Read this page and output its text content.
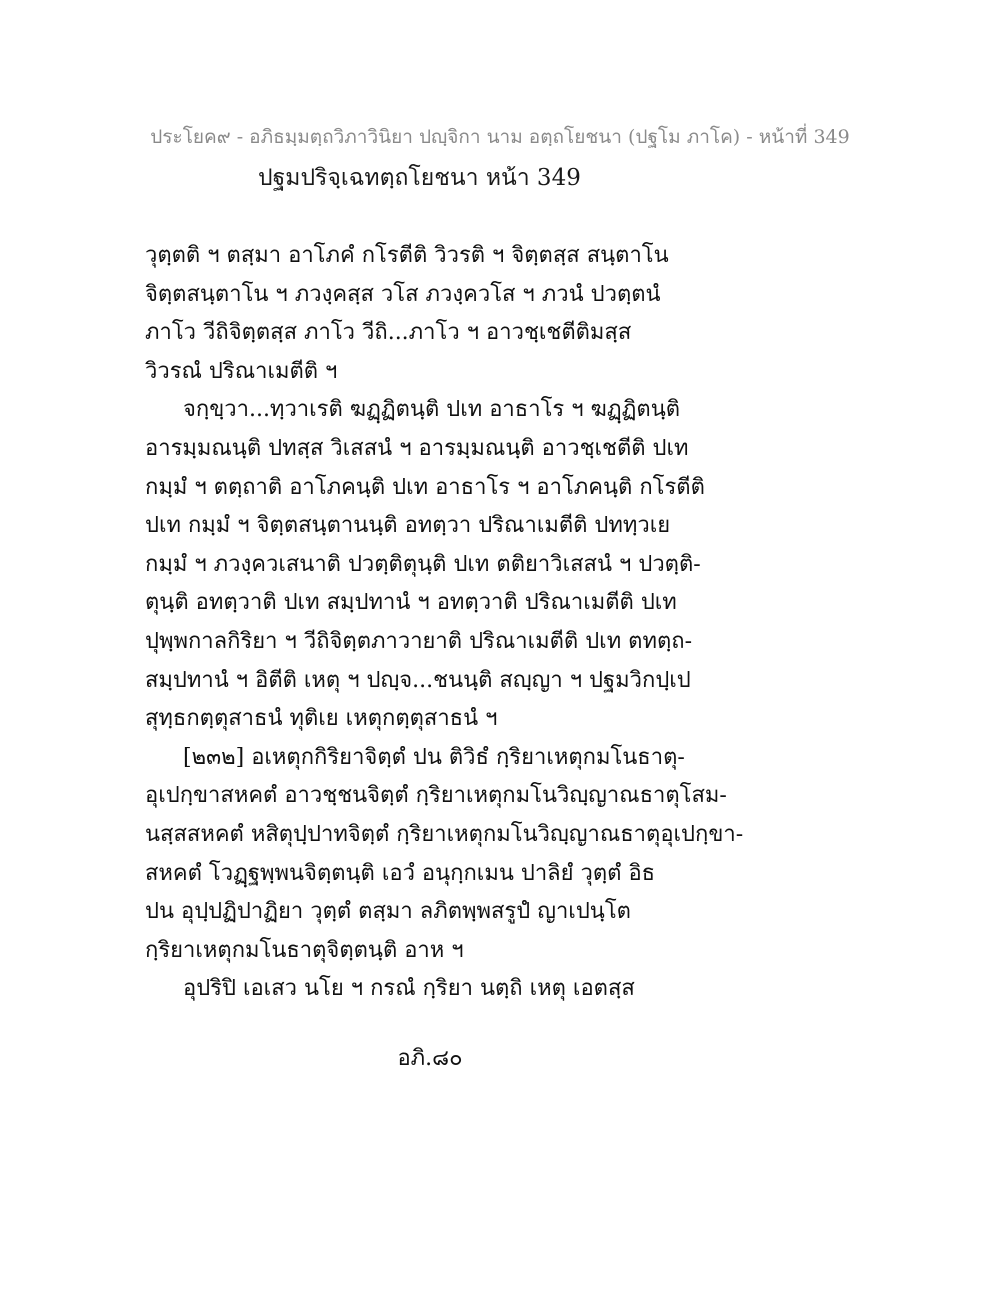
ประโยค๙ - อภิธมฺมตฺถวิภาวินิยา ปญฺจิกา นาม อตฺถโยชนา (ปฐโม ภาโค) - หน้าที่ 349
ปฐมปริจฺเฉทตฺถโยชนา หน้า 349
วุตฺตติ ฯ ตสฺมา อาโภคํ กโรตีติ วิวรติ ฯ จิตฺตสฺส สนฺตาโน
จิตฺตสนฺตาโน ฯ ภวงฺคสฺส วโส ภวงฺควโส ฯ ภวนํ ปวตฺตนํ
ภาโว วีถิจิตฺตสฺส ภาโว วีถิ...ภาโว ฯ อาวชฺเชตีติมสฺส
วิวรณํ ปริณาเมตีติ ฯ
จกฺขฺวา...ทฺวาเรติ ฆฏฺฏิตนฺติ ปเท อาธาโร ฯ ฆฏฺฏิตนฺติ
อารมฺมณนฺติ ปทสฺส วิเสสนํ ฯ อารมฺมณนฺติ อาวชฺเชตีติ ปเท
กมฺมํ ฯ ตตฺถาติ อาโภคนฺติ ปเท อาธาโร ฯ อาโภคนฺติ กโรตีติ
ปเท กมฺมํ ฯ จิตฺตสนฺตานนฺติ อทตฺวา ปริณาเมตีติ ปททฺวเย
กมฺมํ ฯ ภวงฺควเสนาติ ปวตฺติตุนฺติ ปเท ตติยาวิเสสนํ ฯ ปวตฺติ-
ตุนฺติ อทตฺวาติ ปเท สมฺปทานํ ฯ อทตฺวาติ ปริณาเมตีติ ปเท
ปุพฺพกาลกิริยา ฯ วีถิจิตฺตภาวายาติ ปริณาเมตีติ ปเท ตทตฺถ-
สมฺปทานํ ฯ อิตีติ เหตุ ฯ ปญฺจ...ชนนฺติ สญฺญา ฯ ปฐมวิกปฺเป
สุทฺธกตฺตุสาธนํ ทุติเย เหตุกตฺตุสาธนํ ฯ
[๒๓๒] อเหตุกกิริยาจิตฺตํ ปน ติวิธํ กฺริยาเหตุกมโนธาตุ-
อุเปกฺขาสหคตํ อาวชฺชนจิตฺตํ กฺริยาเหตุกมโนวิญฺญาณธาตุโสม-
นสฺสสหคตํ หสิตุปฺปาทจิตฺตํ กฺริยาเหตุกมโนวิญฺญาณธาตุอุเปกฺขา-
สหคตํ โวฏฺฐพฺพนจิตฺตนฺติ เอวํ อนุกฺกเมน ปาลิยํ วุตฺตํ อิธ
ปน อุปฺปฏิปาฏิยา วุตฺตํ ตสฺมา ลภิตพฺพสรูปํ ญาเปนฺโต
กฺริยาเหตุกมโนธาตุจิตฺตนฺติ อาห ฯ
อุปริปิ เอเสว นโย ฯ กรณํ กฺริยา นตฺถิ เหตุ เอตสฺส
อภิ.๘๐
